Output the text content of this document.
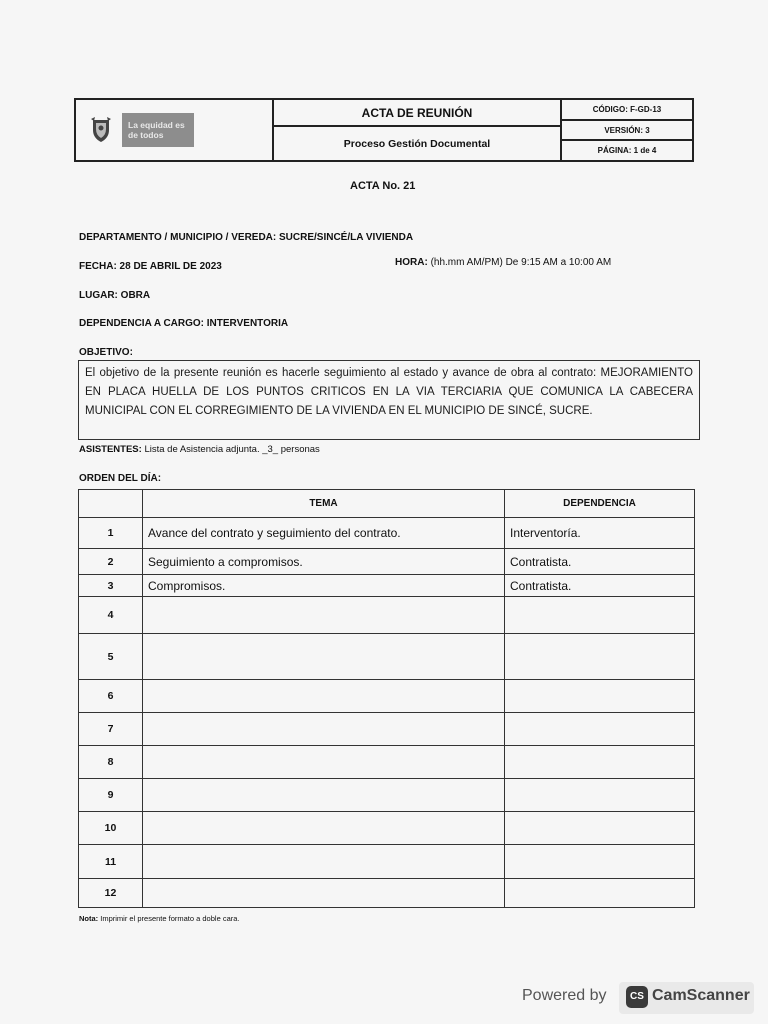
La equidad es de todos
ACTA DE REUNIÓN
Proceso Gestión Documental
CÓDIGO: F-GD-13
VERSIÓN: 3
PÁGINA: 1 de 4
ACTA No. 21
DEPARTAMENTO / MUNICIPIO / VEREDA: SUCRE/SINCÉ/LA VIVIENDA
FECHA: 28 DE ABRIL DE 2023	HORA: (hh.mm AM/PM) De 9:15 AM a 10:00 AM
LUGAR: OBRA
DEPENDENCIA A CARGO: INTERVENTORIA
OBJETIVO:
El objetivo de la presente reunión es hacerle seguimiento al estado y avance de obra al contrato: MEJORAMIENTO EN PLACA HUELLA DE LOS PUNTOS CRITICOS EN LA VIA TERCIARIA QUE COMUNICA LA CABECERA MUNICIPAL CON EL CORREGIMIENTO DE LA VIVIENDA EN EL MUNICIPIO DE SINCÉ, SUCRE.
ASISTENTES: Lista de Asistencia adjunta. _3_ personas
ORDEN DEL DÍA:
	TEMA	DEPENDENCIA
1	Avance del contrato y seguimiento del contrato.	Interventoría.
2	Seguimiento a compromisos.	Contratista.
3	Compromisos.	Contratista.
4		
5		
6		
7		
8		
9		
10		
11		
12		
Nota: Imprimir el presente formato a doble cara.
Powered by	CS CamScanner
